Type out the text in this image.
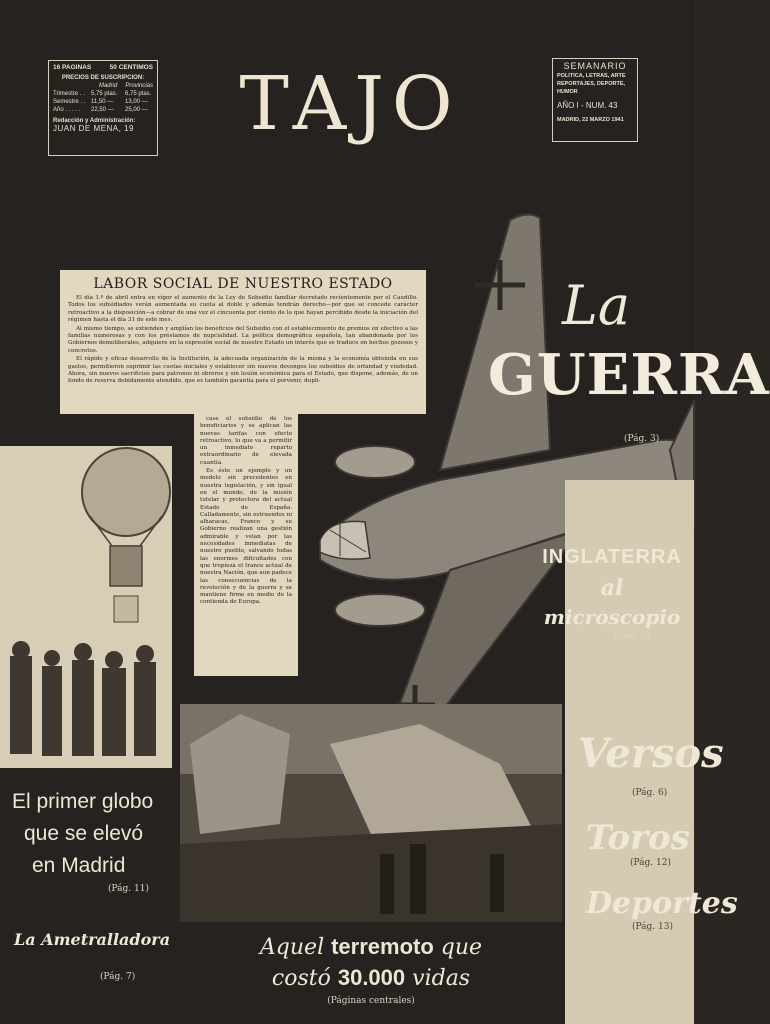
16 PAGINAS	50 CENTIMOS
PRECIOS DE SUSCRIPCION:
Madrid Provincias
Trimestre . .	5,75 ptas.	6,75 ptas.
Semestre . . 11,50 —	13,00 —
Año . . . . .	22,50 —	25,00 —
Redacción y Administración:
JUAN DE MENA, 19	TAJO	SEMANARIO
POLITICA, LETRAS, ARTE
REPORTAJES, DEPORTE, HUMOR
AÑO I - NUM. 43
MADRID, 22 MARZO 1941
La
GUERRA
(Pág. 3)
LABOR SOCIAL DE NUESTRO ESTADO

El día 1.º de abril entra en vigor el aumento de la Ley de Subsidio familiar decretado recientemente por el Caudillo. Todos los subsidiados verán aumentada su cuota al doble y además tendrán derecho—por que se concede carácter retroactivo a la disposición—a cobrar de una vez el cincuenta por ciento de lo que hayan percibido desde la iniciación del régimen hasta el día 31 de este mes.

Al mismo tiempo, se extienden y amplían los beneficios del Subsidio con el establecimiento de premios en efectivo a las familias numerosas y con los préstamos de nupcialidad. La política demográfica española, tan abandonada por los Gobiernos demoliberales, adquiere en la expresión social de nuestro Estado un interés que se traduce en hechos gozosos y concretos.

El rápido y eficaz desarrollo de la Institución, la adecuada organización de la misma y la economía obtenida en sus gastos, permitieron suprimir las cuotas iniciales y establecer sin nuevos devengos los subsidios de orfandad y viudedad. Ahora, sin nuevos sacrificios para patronos ni obreros y sin lesión económica para el Estado, que dispone, además, de un fondo de reserva debidamente atendido, que es también garantía para el porvenir, dupli-

case el subsidio de los beneficiarios y se aplican las nuevas tarifas con efecto retroactivo, lo que va a permitir un inmediato reparto extraordinario de elevada cuantía.

Es éste un ejemplo y un modelo sin precedentes en nuestra legislación, y sin igual en el mundo, de la misión tutelar y protectora del actual Estado de España. Calladamente, sin estruendos ni alharacas, Franco y su Gobierno realizan una gestión admirable y velan por las necesidades inmediatas de nuestro pueblo, salvando todas las enormes dificultades con que tropieza el trance actual de nuestra Nación, que aun padece las consecuencias de la revolución y de la guerra y se mantiene firme en medio de la contienda de Europa.

El primer globo
que se elevó
en Madrid
(Pág. 11)
La Ametralladora
(Pág. 7)
Aquel terremoto que
costó 30.000 vidas
(Páginas centrales)
INGLATERRA
al
microscopio
(Pág. 5)
Versos
(Pág. 6)
Toros
(Pág. 12)
Deportes
(Pág. 13)
